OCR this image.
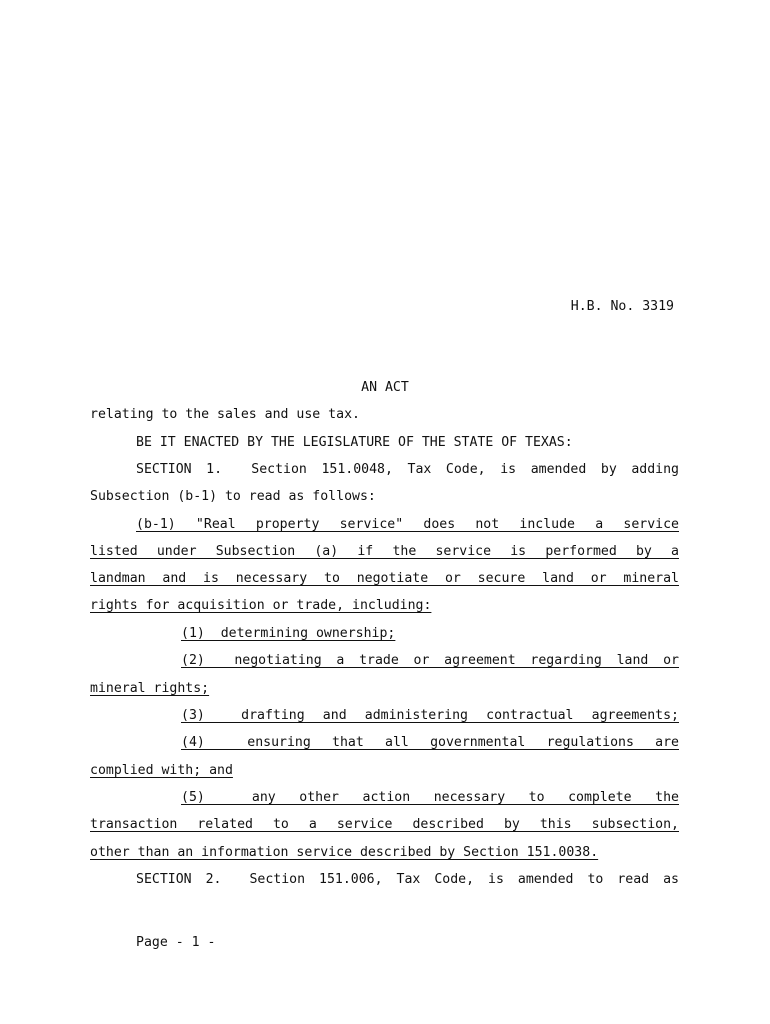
H.B. No. 3319
AN ACT
relating to the sales and use tax.
BE IT ENACTED BY THE LEGISLATURE OF THE STATE OF TEXAS:
SECTION 1.  Section 151.0048, Tax Code, is amended by adding
Subsection (b-1) to read as follows:
(b-1) "Real property service" does not include a service
listed under Subsection (a) if the service is performed by a
landman and is necessary to negotiate or secure land or mineral
rights for acquisition or trade, including:
(1)  determining ownership;
(2)  negotiating a trade or agreement regarding land or
mineral rights;
(3)  drafting and administering contractual agreements;
(4)  ensuring that all governmental regulations are
complied with; and
(5)  any other action necessary to complete the
transaction related to a service described by this subsection,
other than an information service described by Section 151.0038.
SECTION 2.  Section 151.006, Tax Code, is amended to read as
Page - 1 -
